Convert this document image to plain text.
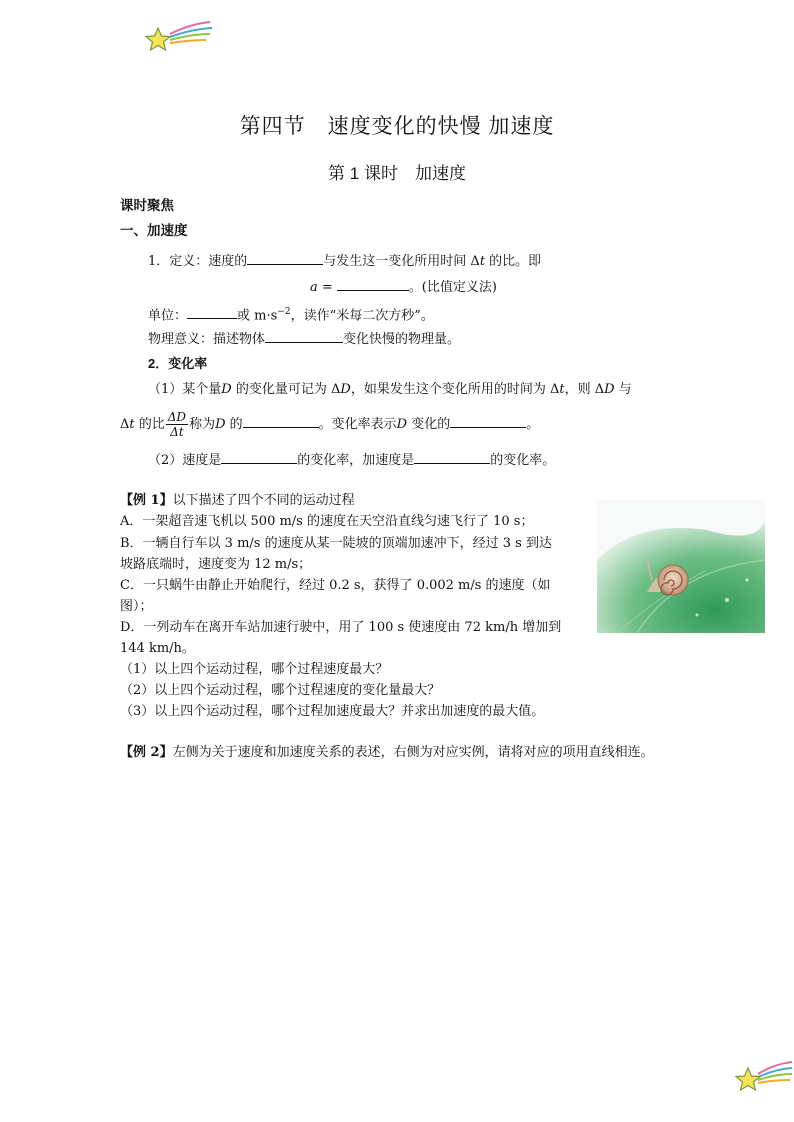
第四节　速度变化的快慢 加速度
第 1 课时　加速度
课时聚焦
一、加速度
1．定义：速度的	与发生这一变化所用时间 Δt 的比。即
a =	。(比值定义法)
单位：	或 $m\cdot s^{-2}$，读作“米每二次方秒”。
物理意义：描述物体	变化快慢的物理量。
2．变化率
（1）某个量D 的变化量可记为 ΔD，如果发生这个变化所用的时间为 Δt，则 ΔD 与
Δt 的比 $\frac{\Delta D}{\Delta t}$ 称为D 的	。变化率表示D 变化的	。
（2）速度是	的变化率，加速度是	的变化率。
【例 1】以下描述了四个不同的运动过程
A．一架超音速飞机以 500 m/s 的速度在天空沿直线匀速飞行了 10 s；
B．一辆自行车以 3 m/s 的速度从某一陡坡的顶端加速冲下，经过 3 s 到达
坡路底端时，速度变为 12 m/s；
C．一只蜗牛由静止开始爬行，经过 0.2 s，获得了 0.002 m/s 的速度（如
图）；
D．一列动车在离开车站加速行驶中，用了 100 s 使速度由 72 km/h 增加到
144 km/h。
（1）以上四个运动过程，哪个过程速度最大？
（2）以上四个运动过程，哪个过程速度的变化量最大？
（3）以上四个运动过程，哪个过程加速度最大？并求出加速度的最大值。
【例 2】左侧为关于速度和加速度关系的表述，右侧为对应实例，请将对应的项用直线相连。
